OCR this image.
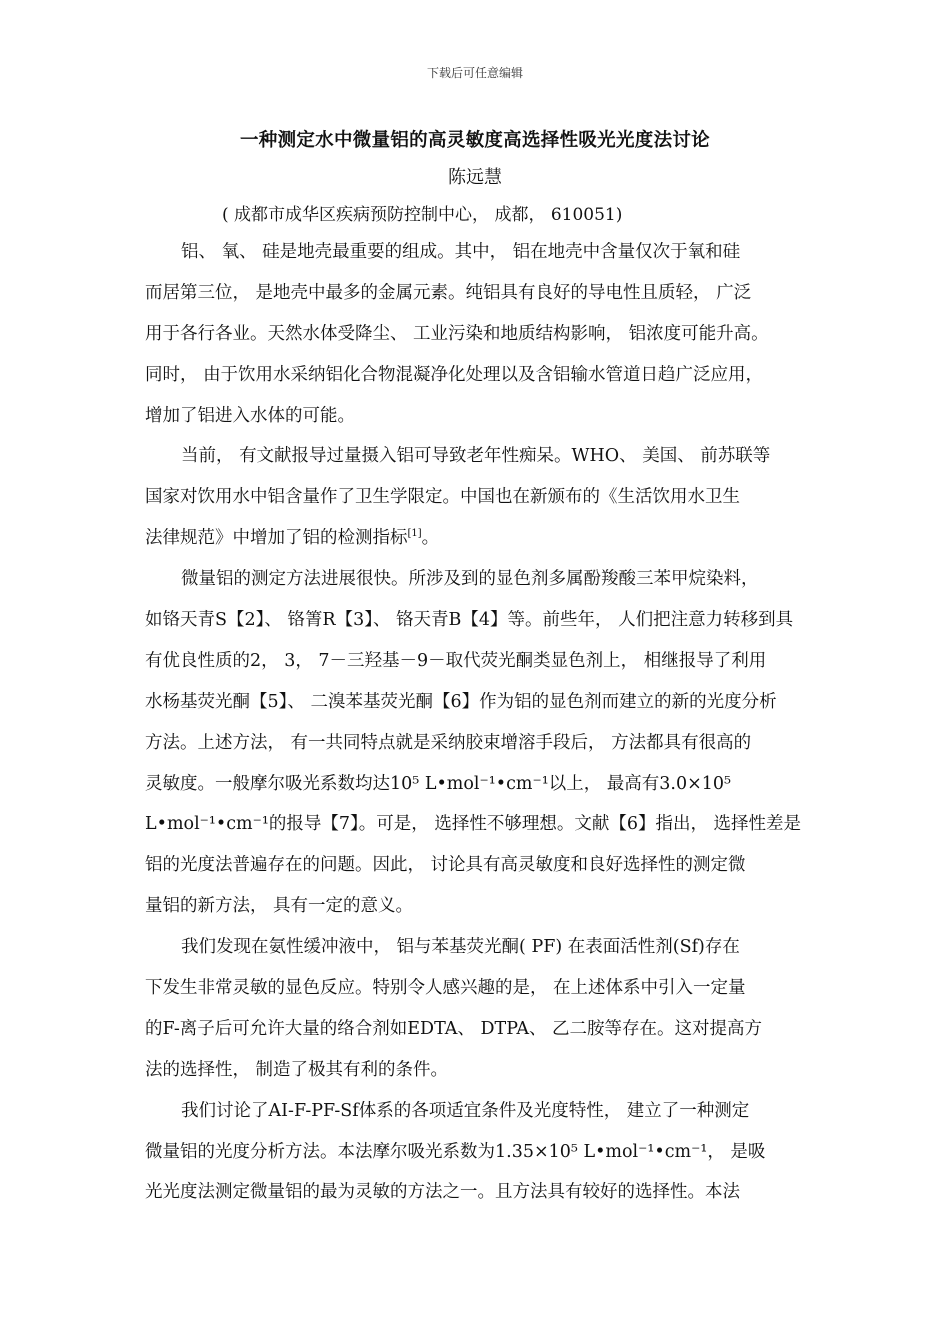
下载后可任意编辑
一种测定水中微量铝的高灵敏度高选择性吸光光度法讨论
陈远慧
( 成都市成华区疾病预防控制中心， 成都， 610051)
铝、 氧、 硅是地壳最重要的组成。其中， 铝在地壳中含量仅次于氧和硅
而居第三位， 是地壳中最多的金属元素。纯铝具有良好的导电性且质轻， 广泛
用于各行各业。天然水体受降尘、 工业污染和地质结构影响， 铝浓度可能升高。
同时， 由于饮用水采纳铝化合物混凝净化处理以及含铝输水管道日趋广泛应用，
增加了铝进入水体的可能。
当前， 有文献报导过量摄入铝可导致老年性痴呆。WHO、 美国、 前苏联等
国家对饮用水中铝含量作了卫生学限定。中国也在新颁布的《生活饮用水卫生
法律规范》中增加了铝的检测指标[1]。
微量铝的测定方法进展很快。所涉及到的显色剂多属酚羧酸三苯甲烷染料，
如铬天青S【2】、 铬箐R【3】、 铬天青B【4】等。前些年， 人们把注意力转移到具
有优良性质的2， 3， 7－三羟基－9－取代荧光酮类显色剂上， 相继报导了利用
水杨基荧光酮【5】、 二溴苯基荧光酮【6】作为铝的显色剂而建立的新的光度分析
方法。上述方法， 有一共同特点就是采纳胶束增溶手段后， 方法都具有很高的
灵敏度。一般摩尔吸光系数均达10⁵ L•mol⁻¹•cm⁻¹以上， 最高有3.0×10⁵
L•mol⁻¹•cm⁻¹的报导【7】。可是， 选择性不够理想。文献【6】指出， 选择性差是
铝的光度法普遍存在的问题。因此， 讨论具有高灵敏度和良好选择性的测定微
量铝的新方法， 具有一定的意义。
我们发现在氨性缓冲液中， 铝与苯基荧光酮( PF) 在表面活性剂(Sf)存在
下发生非常灵敏的显色反应。特别令人感兴趣的是， 在上述体系中引入一定量
的F-离子后可允许大量的络合剂如EDTA、 DTPA、 乙二胺等存在。这对提高方
法的选择性， 制造了极其有利的条件。
我们讨论了AI-F-PF-Sf体系的各项适宜条件及光度特性， 建立了一种测定
微量铝的光度分析方法。本法摩尔吸光系数为1.35×10⁵ L•mol⁻¹•cm⁻¹， 是吸
光光度法测定微量铝的最为灵敏的方法之一。且方法具有较好的选择性。本法
